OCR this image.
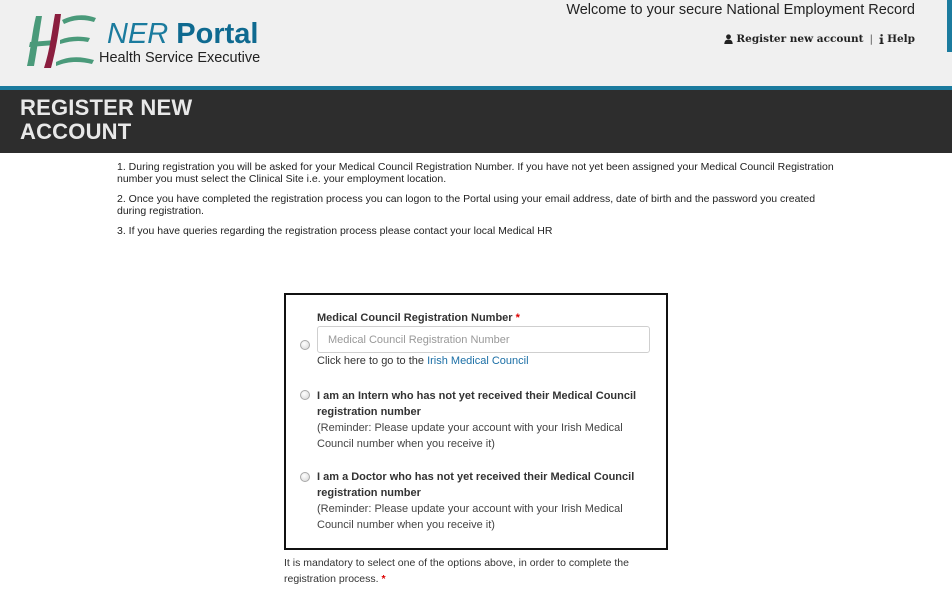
NER Portal
Health Service Executive
Welcome to your secure National Employment Record
Register new account | Help
REGISTER NEW ACCOUNT

1. During registration you will be asked for your Medical Council Registration Number. If you have not yet been assigned your Medical Council Registration number you must select the Clinical Site i.e. your employment location.

2. Once you have completed the registration process you can logon to the Portal using your email address, date of birth and the password you created during registration.

3. If you have queries regarding the registration process please contact your local Medical HR

Medical Council Registration Number *
Medical Council Registration Number
Click here to go to the Irish Medical Council
I am an Intern who has not yet received their Medical Council registration number
(Reminder: Please update your account with your Irish Medical Council number when you receive it)
I am a Doctor who has not yet received their Medical Council registration number
(Reminder: Please update your account with your Irish Medical Council number when you receive it)
It is mandatory to select one of the options above, in order to complete the registration process. *
